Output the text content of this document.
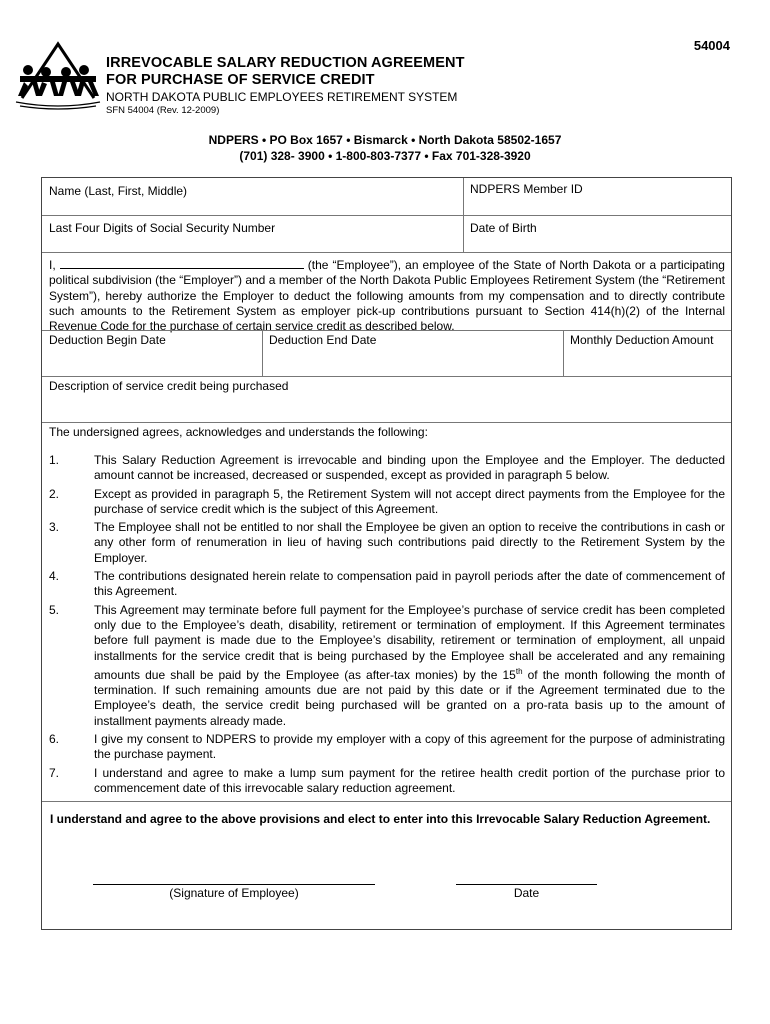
54004
IRREVOCABLE SALARY REDUCTION AGREEMENT
FOR PURCHASE OF SERVICE CREDIT
NORTH DAKOTA PUBLIC EMPLOYEES RETIREMENT SYSTEM
SFN 54004 (Rev. 12-2009)
NDPERS • PO Box 1657 • Bismarck • North Dakota 58502-1657
(701) 328- 3900 • 1-800-803-7377 • Fax 701-328-3920
Name (Last, First, Middle)	NDPERS Member ID
Last Four Digits of Social Security Number	Date of Birth
I,	(the “Employee”), an employee of the State of North Dakota or a participating political subdivision (the “Employer”) and a member of the North Dakota Public Employees Retirement System (the “Retirement System”), hereby authorize the Employer to deduct the following amounts from my compensation and to directly contribute such amounts to the Retirement System as employer pick-up contributions pursuant to Section 414(h)(2) of the Internal Revenue Code for the purchase of certain service credit as described below.
Deduction Begin Date	Deduction End Date	Monthly Deduction Amount
Description of service credit being purchased
The undersigned agrees, acknowledges and understands the following:
1.	This Salary Reduction Agreement is irrevocable and binding upon the Employee and the Employer. The deducted amount cannot be increased, decreased or suspended, except as provided in paragraph 5 below.
2.	Except as provided in paragraph 5, the Retirement System will not accept direct payments from the Employee for the purchase of service credit which is the subject of this Agreement.
3.	The Employee shall not be entitled to nor shall the Employee be given an option to receive the contributions in cash or any other form of renumeration in lieu of having such contributions paid directly to the Retirement System by the Employer.
4.	The contributions designated herein relate to compensation paid in payroll periods after the date of commencement of this Agreement.
5.	This Agreement may terminate before full payment for the Employee’s purchase of service credit has been completed only due to the Employee’s death, disability, retirement or termination of employment. If this Agreement terminates before full payment is made due to the Employee’s disability, retirement or termination of employment, all unpaid installments for the service credit that is being purchased by the Employee shall be accelerated and any remaining amounts due shall be paid by the Employee (as after-tax monies) by the 15th of the month following the month of termination. If such remaining amounts due are not paid by this date or if the Agreement terminated due to the Employee’s death, the service credit being purchased will be granted on a pro-rata basis up to the amount of installment payments already made.
6.	I give my consent to NDPERS to provide my employer with a copy of this agreement for the purpose of administrating the purchase payment.
7.	I understand and agree to make a lump sum payment for the retiree health credit portion of the purchase prior to commencement date of this irrevocable salary reduction agreement.
I understand and agree to the above provisions and elect to enter into this Irrevocable Salary Reduction Agreement.
(Signature of Employee)	Date
